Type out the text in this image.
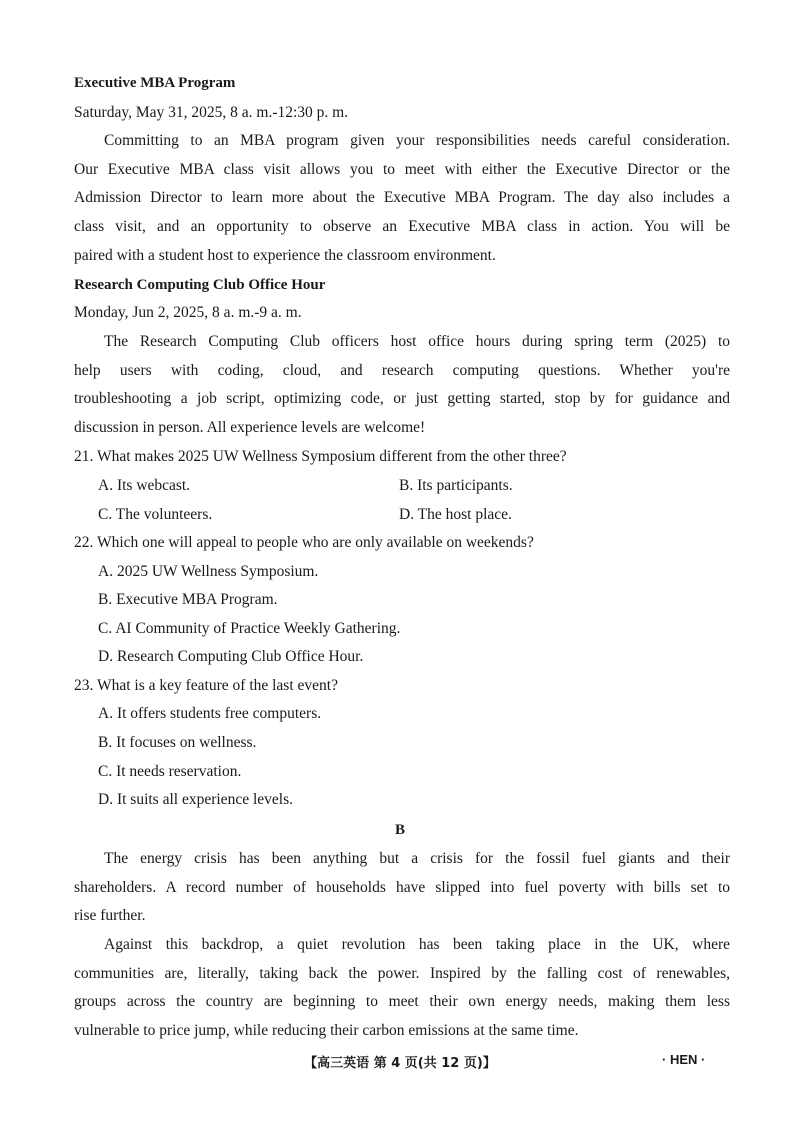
Executive MBA Program
Saturday, May 31, 2025, 8 a. m.-12:30 p. m.
Committing to an MBA program given your responsibilities needs careful consideration.
Our Executive MBA class visit allows you to meet with either the Executive Director or the
Admission Director to learn more about the Executive MBA Program. The day also includes a
class visit, and an opportunity to observe an Executive MBA class in action. You will be
paired with a student host to experience the classroom environment.
Research Computing Club Office Hour
Monday, Jun 2, 2025, 8 a. m.-9 a. m.
The Research Computing Club officers host office hours during spring term (2025) to
help users with coding, cloud, and research computing questions. Whether you're
troubleshooting a job script, optimizing code, or just getting started, stop by for guidance and
discussion in person. All experience levels are welcome!
21. What makes 2025 UW Wellness Symposium different from the other three?
A. Its webcast.	B. Its participants.
C. The volunteers.	D. The host place.
22. Which one will appeal to people who are only available on weekends?
A. 2025 UW Wellness Symposium.
B. Executive MBA Program.
C. AI Community of Practice Weekly Gathering.
D. Research Computing Club Office Hour.
23. What is a key feature of the last event?
A. It offers students free computers.
B. It focuses on wellness.
C. It needs reservation.
D. It suits all experience levels.
B
The energy crisis has been anything but a crisis for the fossil fuel giants and their
shareholders. A record number of households have slipped into fuel poverty with bills set to
rise further.
Against this backdrop, a quiet revolution has been taking place in the UK, where
communities are, literally, taking back the power. Inspired by the falling cost of renewables,
groups across the country are beginning to meet their own energy needs, making them less
vulnerable to price jump, while reducing their carbon emissions at the same time.
【高三英语 第 4 页(共 12 页)】	· HEN ·
